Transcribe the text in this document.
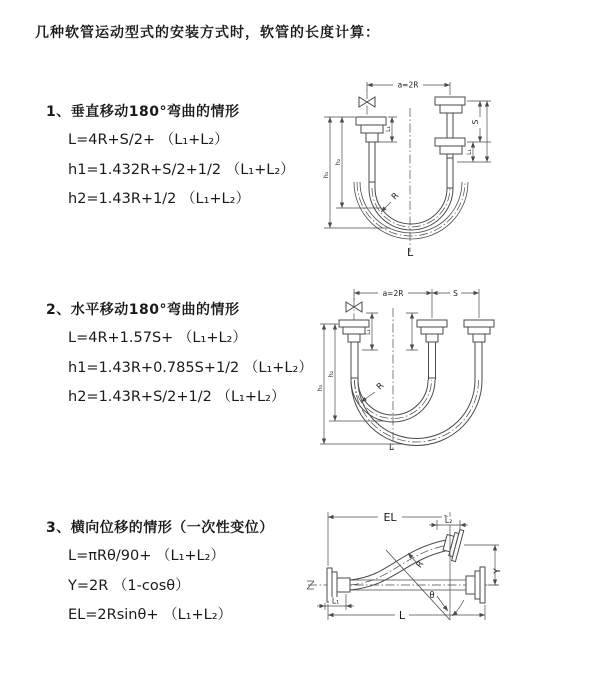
几种软管运动型式的安装方式时，软管的长度计算：
1、垂直移动180°弯曲的情形
L=4R+S/2+ （L₁+L₂）
h1=1.432R+S/2+1/2 （L₁+L₂）
h2=1.43R+1/2 （L₁+L₂）
a=2R
L₁
S
L₁
h₁
h₂
R
L
2、水平移动180°弯曲的情形
L=4R+1.57S+ （L₁+L₂）
h1=1.43R+0.785S+1/2 （L₁+L₂）
h2=1.43R+S/2+1/2 （L₁+L₂）
a=2R	S
L₁
h₁
h₂
R
L
3、横向位移的情形（一次性变位）
L=πRθ/90+ （L₁+L₂）
Y=2R （1-cosθ）
EL=2Rsinθ+ （L₁+L₂）
EL	L₂
Y
R
θ
L₁
L
